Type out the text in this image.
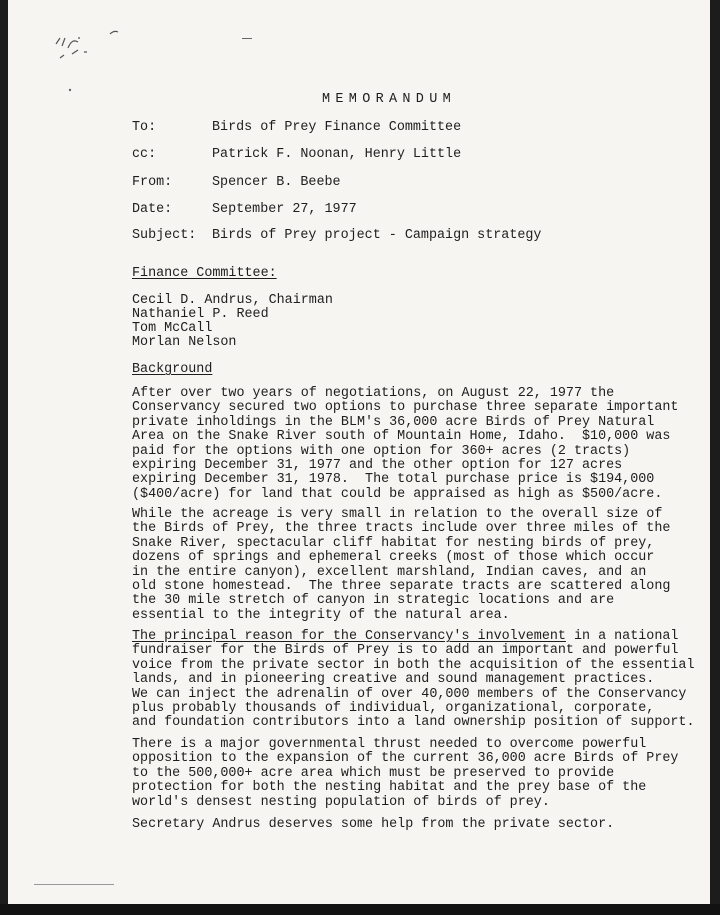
MEMORANDUM
To:	Birds of Prey Finance Committee
cc:	Patrick F. Noonan, Henry Little
From:	Spencer B. Beebe
Date:	September 27, 1977
Subject: Birds of Prey project - Campaign strategy
Finance Committee:
Cecil D. Andrus, Chairman
Nathaniel P. Reed
Tom McCall
Morlan Nelson
Background
After over two years of negotiations, on August 22, 1977 the
Conservancy secured two options to purchase three separate important
private inholdings in the BLM's 36,000 acre Birds of Prey Natural
Area on the Snake River south of Mountain Home, Idaho.  $10,000 was
paid for the options with one option for 360+ acres (2 tracts)
expiring December 31, 1977 and the other option for 127 acres
expiring December 31, 1978.  The total purchase price is $194,000
($400/acre) for land that could be appraised as high as $500/acre.
While the acreage is very small in relation to the overall size of
the Birds of Prey, the three tracts include over three miles of the
Snake River, spectacular cliff habitat for nesting birds of prey,
dozens of springs and ephemeral creeks (most of those which occur
in the entire canyon), excellent marshland, Indian caves, and an
old stone homestead.  The three separate tracts are scattered along
the 30 mile stretch of canyon in strategic locations and are
essential to the integrity of the natural area.
The principal reason for the Conservancy's involvement in a national
fundraiser for the Birds of Prey is to add an important and powerful
voice from the private sector in both the acquisition of the essential
lands, and in pioneering creative and sound management practices.
We can inject the adrenalin of over 40,000 members of the Conservancy
plus probably thousands of individual, organizational, corporate,
and foundation contributors into a land ownership position of support.
There is a major governmental thrust needed to overcome powerful
opposition to the expansion of the current 36,000 acre Birds of Prey
to the 500,000+ acre area which must be preserved to provide
protection for both the nesting habitat and the prey base of the
world's densest nesting population of birds of prey.
Secretary Andrus deserves some help from the private sector.
